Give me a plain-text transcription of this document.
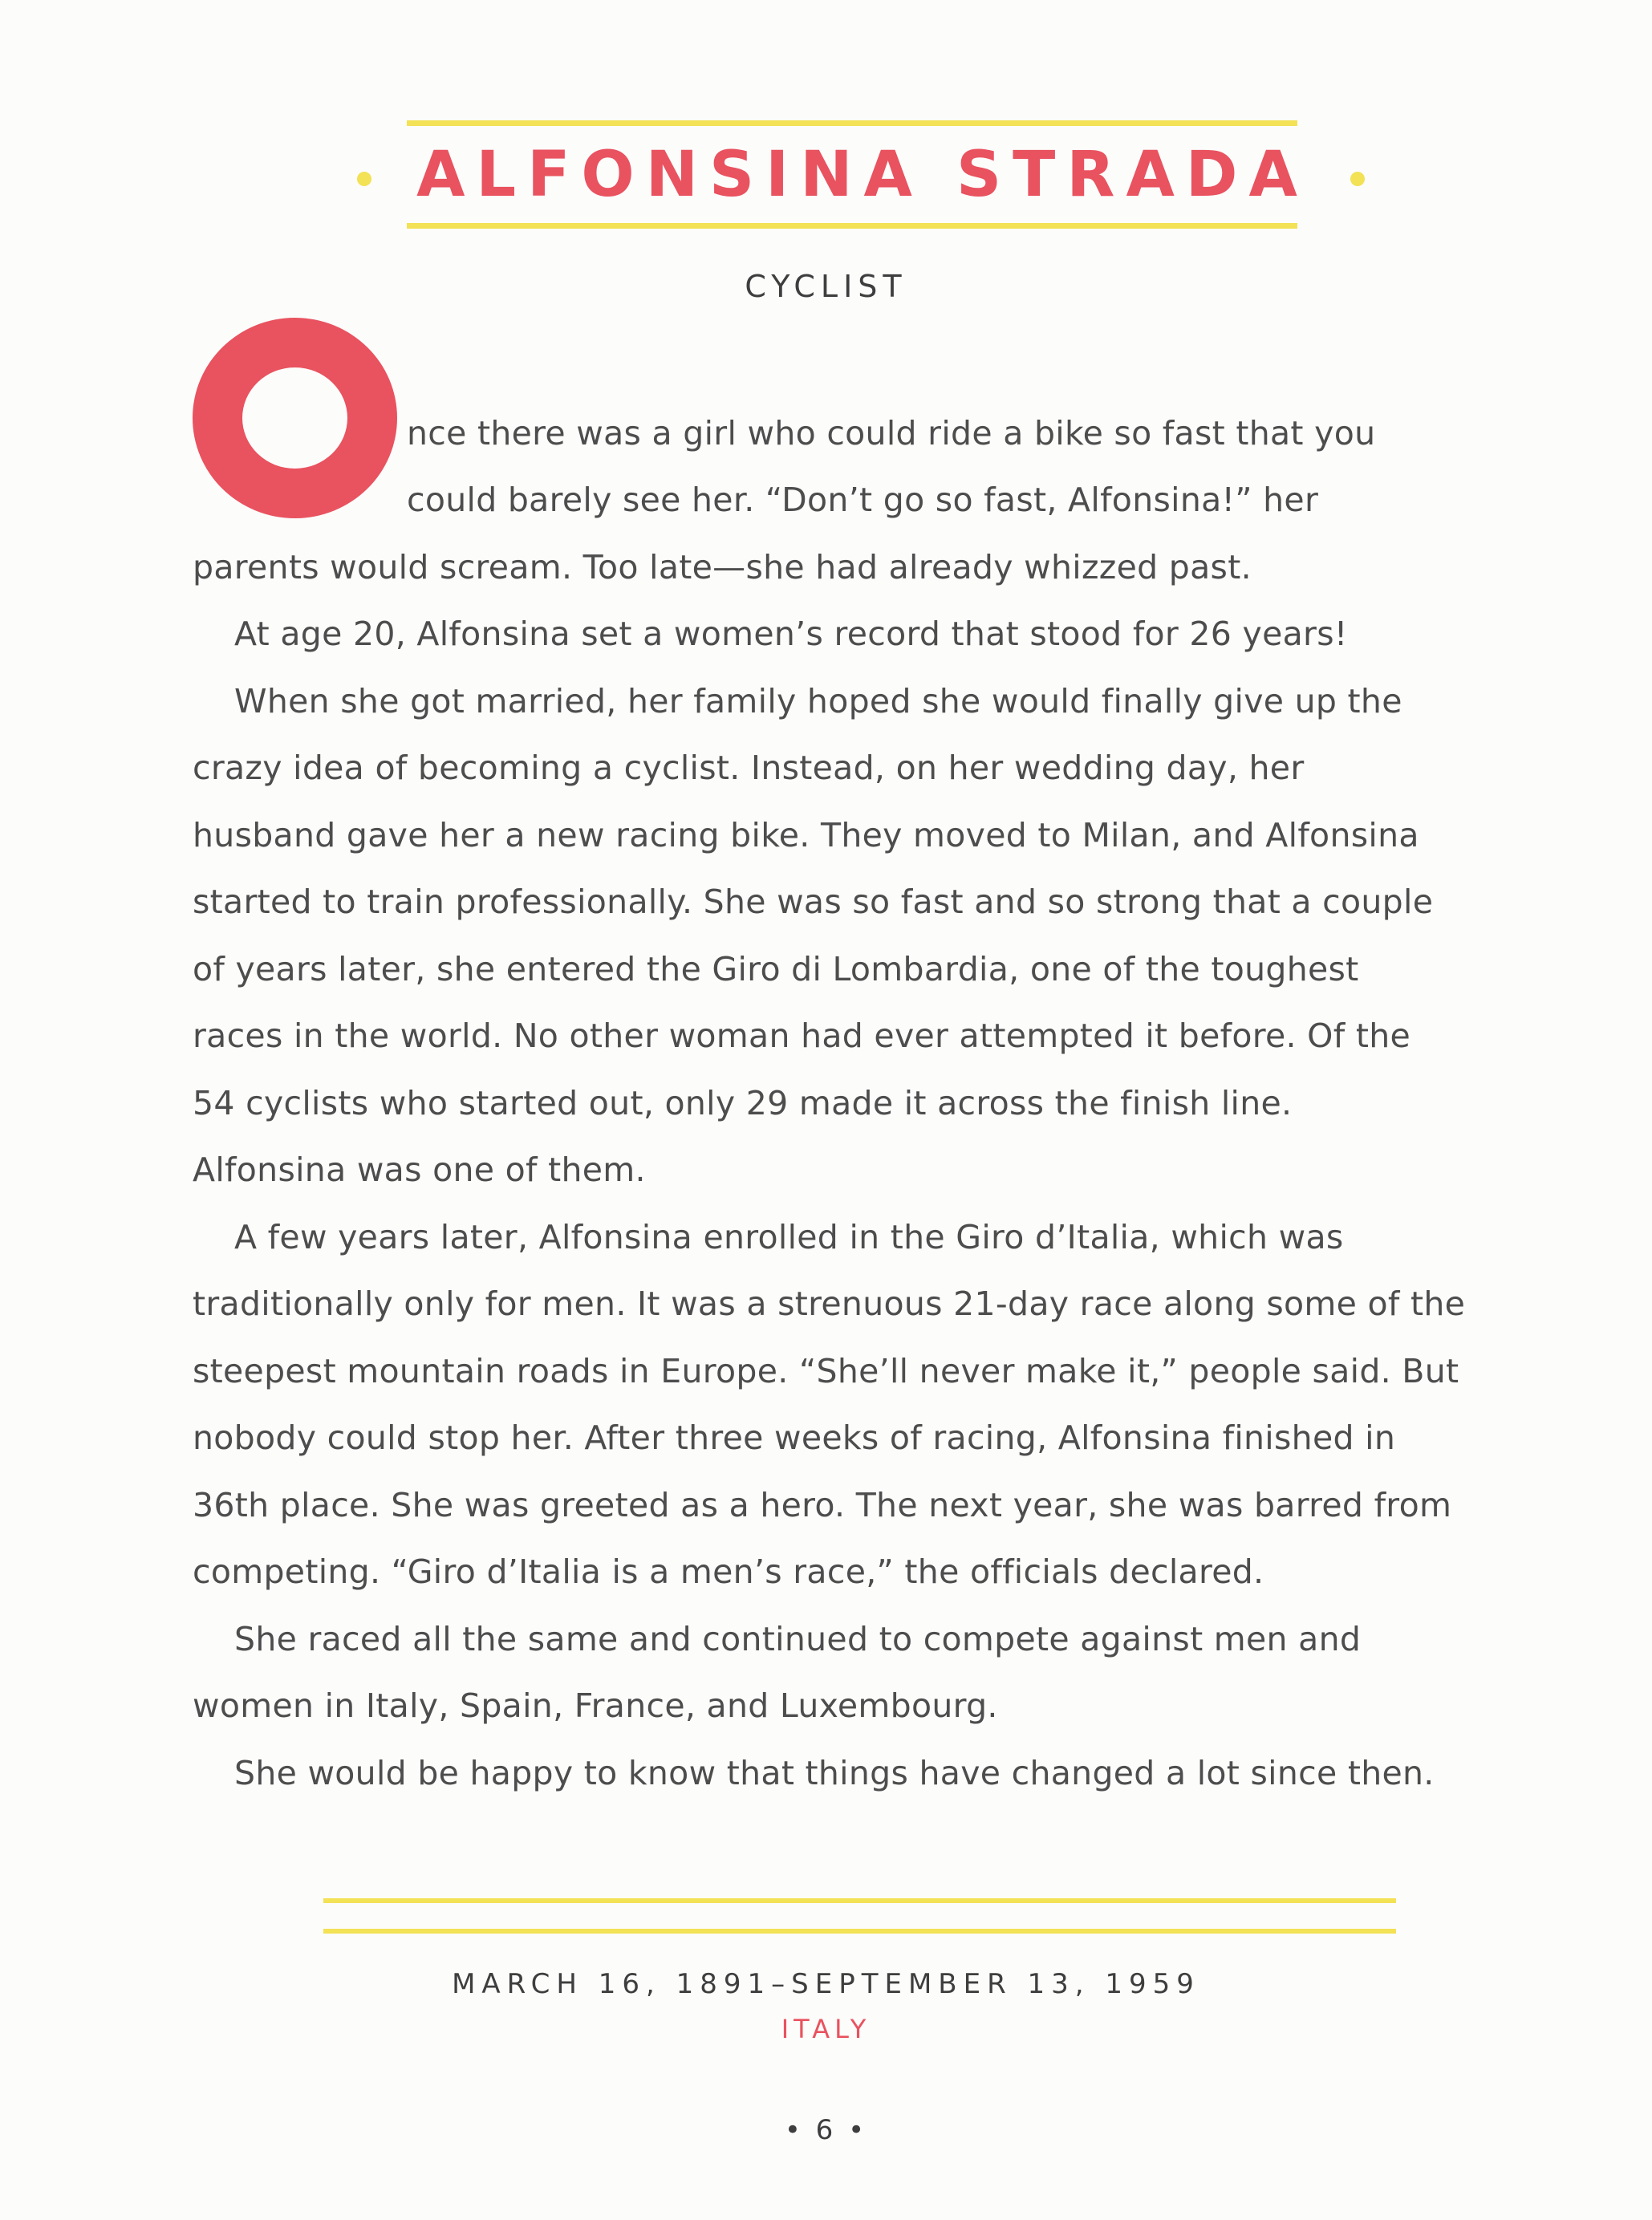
ALFONSINA STRADA
CYCLIST
nce there was a girl who could ride a bike so fast that you
could barely see her. “Don’t go so fast, Alfonsina!” her
parents would scream. Too late—she had already whizzed past.
At age 20, Alfonsina set a women’s record that stood for 26 years!
When she got married, her family hoped she would finally give up the
crazy idea of becoming a cyclist. Instead, on her wedding day, her
husband gave her a new racing bike. They moved to Milan, and Alfonsina
started to train professionally. She was so fast and so strong that a couple
of years later, she entered the Giro di Lombardia, one of the toughest
races in the world. No other woman had ever attempted it before. Of the
54 cyclists who started out, only 29 made it across the finish line.
Alfonsina was one of them.
A few years later, Alfonsina enrolled in the Giro d’Italia, which was
traditionally only for men. It was a strenuous 21-day race along some of the
steepest mountain roads in Europe. “She’ll never make it,” people said. But
nobody could stop her. After three weeks of racing, Alfonsina finished in
36th place. She was greeted as a hero. The next year, she was barred from
competing. “Giro d’Italia is a men’s race,” the officials declared.
She raced all the same and continued to compete against men and
women in Italy, Spain, France, and Luxembourg.
She would be happy to know that things have changed a lot since then.
MARCH 16, 1891–SEPTEMBER 13, 1959
ITALY
• 6 •
